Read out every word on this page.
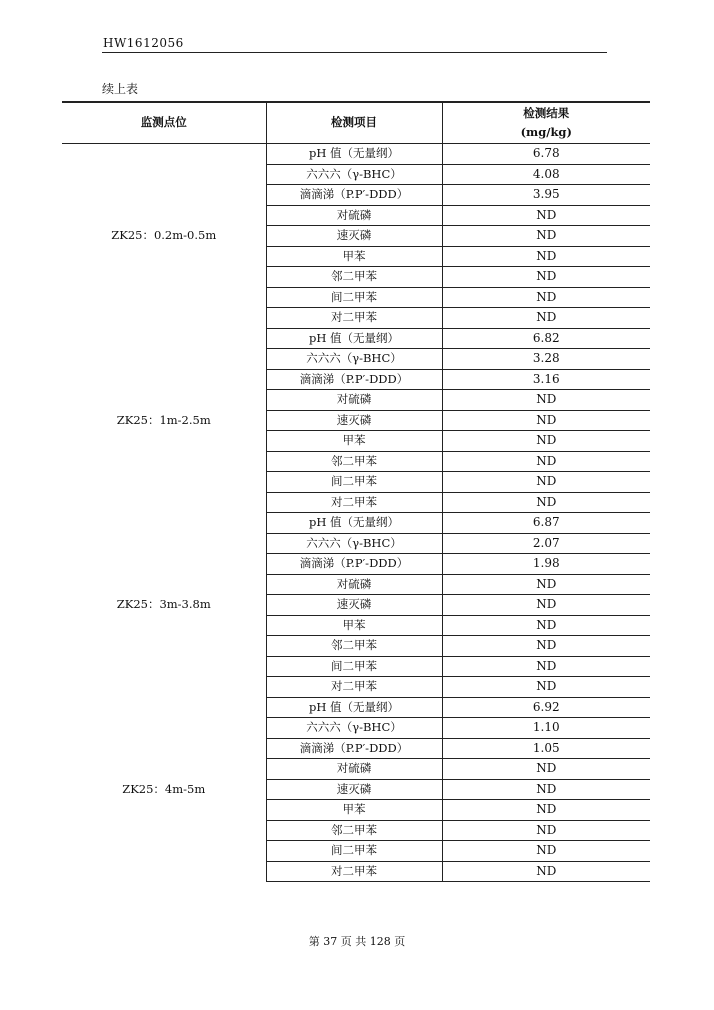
HW1612056
续上表
监测点位	检测项目	检测结果
(mg/kg)

ZK25：0.2m-0.5m	pH 值（无量纲）	6.78
	六六六（γ-BHC）	4.08
	滴滴涕（P.P′-DDD）	3.95
	对硫磷	ND
	速灭磷	ND
	甲苯	ND
	邻二甲苯	ND
	间二甲苯	ND
	对二甲苯	ND
ZK25：1m-2.5m	pH 值（无量纲）	6.82
	六六六（γ-BHC）	3.28
	滴滴涕（P.P′-DDD）	3.16
	对硫磷	ND
	速灭磷	ND
	甲苯	ND
	邻二甲苯	ND
	间二甲苯	ND
	对二甲苯	ND
ZK25：3m-3.8m	pH 值（无量纲）	6.87
	六六六（γ-BHC）	2.07
	滴滴涕（P.P′-DDD）	1.98
	对硫磷	ND
	速灭磷	ND
	甲苯	ND
	邻二甲苯	ND
	间二甲苯	ND
	对二甲苯	ND
ZK25：4m-5m	pH 值（无量纲）	6.92
	六六六（γ-BHC）	1.10
	滴滴涕（P.P′-DDD）	1.05
	对硫磷	ND
	速灭磷	ND
	甲苯	ND
	邻二甲苯	ND
	间二甲苯	ND
	对二甲苯	ND
第 37 页 共 128 页
